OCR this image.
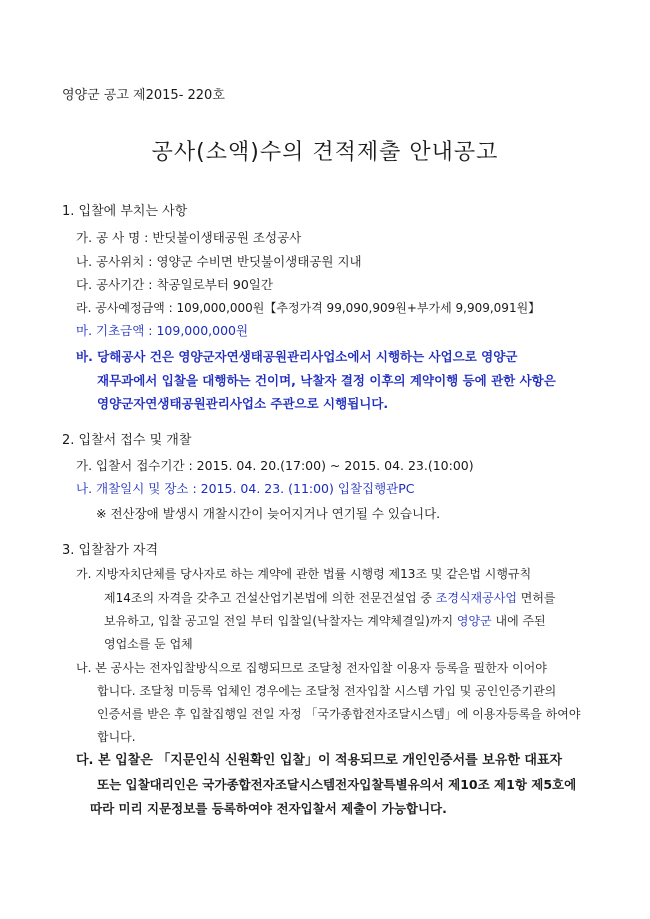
영양군 공고 제2015- 220호
공사(소액)수의 견적제출 안내공고
1. 입찰에 부치는 사항
가. 공 사 명 : 반딧불이생태공원 조성공사
나. 공사위치 : 영양군 수비면 반딧불이생태공원 지내
다. 공사기간 : 착공일로부터 90일간
라. 공사예정금액 : 109,000,000원【추정가격 99,090,909원+부가세 9,909,091원】
마. 기초금액 : 109,000,000원
바. 당해공사 건은 영양군자연생태공원관리사업소에서 시행하는 사업으로 영양군
재무과에서 입찰을 대행하는 건이며, 낙찰자 결정 이후의 계약이행 등에 관한 사항은
영양군자연생태공원관리사업소 주관으로 시행됩니다.
2. 입찰서 접수 및 개찰
가. 입찰서 접수기간 : 2015. 04. 20.(17:00) ~ 2015. 04. 23.(10:00)
나. 개찰일시 및 장소 : 2015. 04. 23. (11:00) 입찰집행관PC
※ 전산장애 발생시 개찰시간이 늦어지거나 연기될 수 있습니다.
3. 입찰참가 자격
가. 지방자치단체를 당사자로 하는 계약에 관한 법률 시행령 제13조 및 같은법 시행규칙
제14조의 자격을 갖추고 건설산업기본법에 의한 전문건설업 중 조경식재공사업 면허를
보유하고, 입찰 공고일 전일 부터 입찰일(낙찰자는 계약체결일)까지 영양군 내에 주된
영업소를 둔 업체
나. 본 공사는 전자입찰방식으로 집행되므로 조달청 전자입찰 이용자 등록을 필한자 이어야
합니다. 조달청 미등록 업체인 경우에는 조달청 전자입찰 시스템 가입 및 공인인증기관의
인증서를 받은 후 입찰집행일 전일 자정 「국가종합전자조달시스템」에 이용자등록을 하여야
합니다.
다. 본 입찰은 「지문인식 신원확인 입찰」이 적용되므로 개인인증서를 보유한 대표자
또는 입찰대리인은 국가종합전자조달시스템전자입찰특별유의서 제10조 제1항 제5호에
따라 미리 지문정보를 등록하여야 전자입찰서 제출이 가능합니다.
